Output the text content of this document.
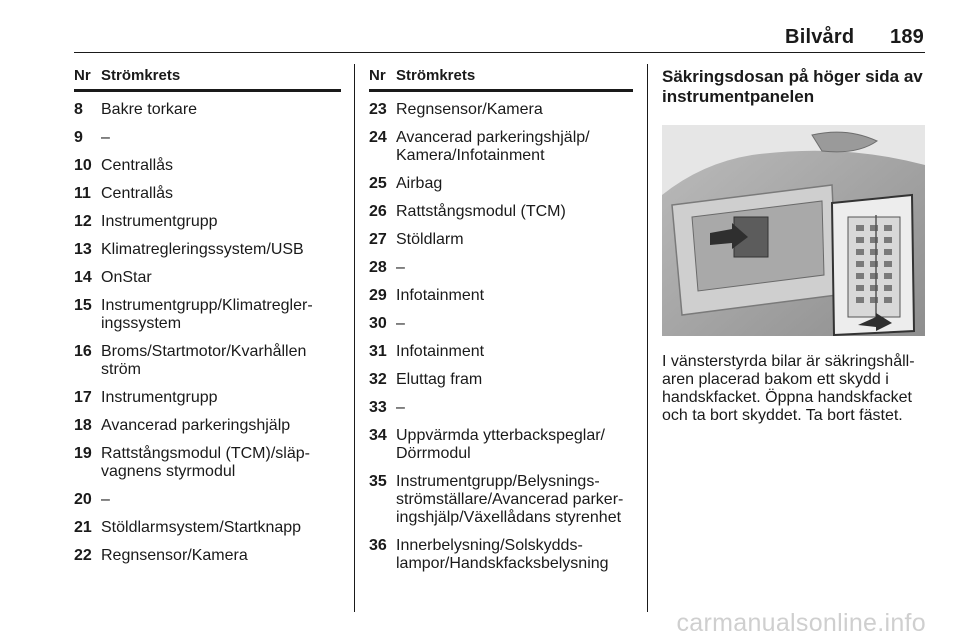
Bilvård 189
Nr Strömkrets
8	Bakre torkare
9	–
10 Centrallås
11 Centrallås
12 Instrumentgrupp
13 Klimatregleringssystem/USB
14 OnStar
15 Instrumentgrupp/Klimatregler-
ingssystem
16 Broms/Startmotor/Kvarhållen
ström
17 Instrumentgrupp
18 Avancerad parkeringshjälp
19 Rattstångsmodul (TCM)/släp-
vagnens styrmodul
20 –
21 Stöldlarmsystem/Startknapp
22 Regnsensor/Kamera
Nr Strömkrets
23 Regnsensor/Kamera
24 Avancerad parkeringshjälp/
Kamera/Infotainment
25 Airbag
26 Rattstångsmodul (TCM)
27 Stöldlarm
28 –
29 Infotainment
30 –
31 Infotainment
32 Eluttag fram
33 –
34 Uppvärmda ytterbackspeglar/
Dörrmodul
35 Instrumentgrupp/Belysnings-
strömställare/Avancerad parker-
ingshjälp/Växellådans styrenhet
36 Innerbelysning/Solskydds-
lampor/Handskfacksbelysning
Säkringsdosan på höger sida av
instrumentpanelen

I vänsterstyrda bilar är säkringshåll-
aren placerad bakom ett skydd i
handskfacket. Öppna handskfacket
och ta bort skyddet. Ta bort fästet.

carmanualsonline.info
